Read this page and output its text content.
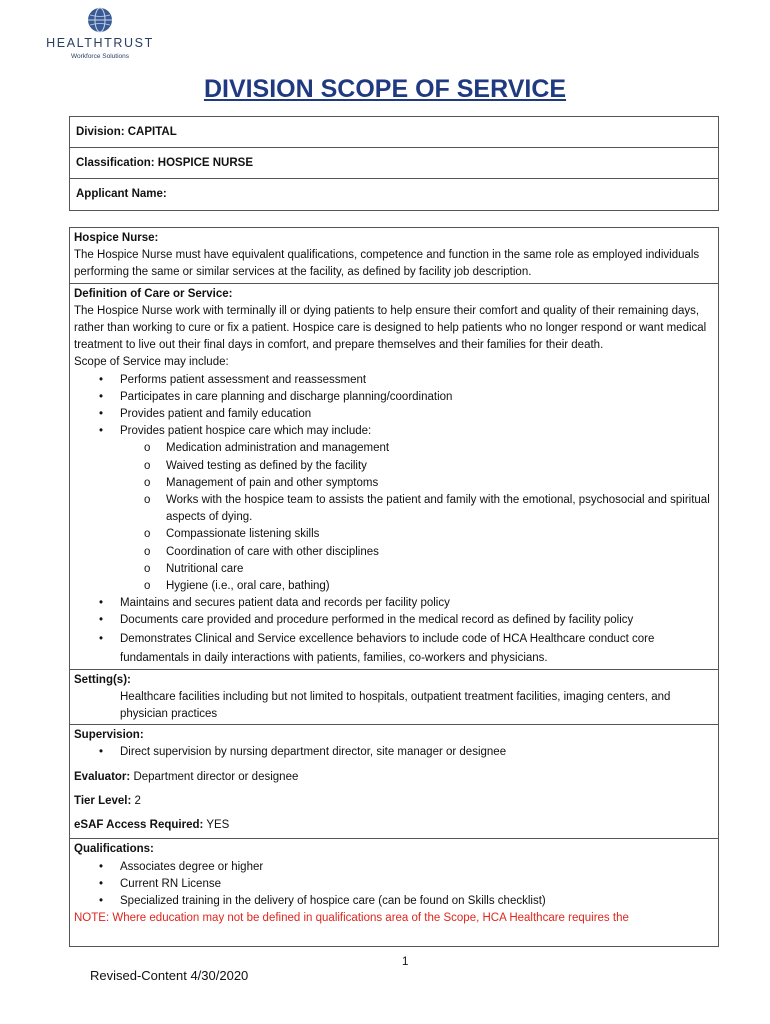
HEALTHTRUST
Workforce Solutions
DIVISION SCOPE OF SERVICE
Division: CAPITAL
Classification: HOSPICE NURSE
Applicant Name:

Hospice Nurse:

The Hospice Nurse must have equivalent qualifications, competence and function in the same role as employed individuals performing the same or similar services at the facility, as defined by facility job description.

Definition of Care or Service:

The Hospice Nurse work with terminally ill or dying patients to help ensure their comfort and quality of their remaining days, rather than working to cure or fix a patient. Hospice care is designed to help patients who no longer respond or want medical treatment to live out their final days in comfort, and prepare themselves and their families for their death.

Scope of Service may include:

• Performs patient assessment and reassessment
• Participates in care planning and discharge planning/coordination
• Provides patient and family education
• Provides patient hospice care which may include:
o Medication administration and management
o Waived testing as defined by the facility
o Management of pain and other symptoms
o Works with the hospice team to assists the patient and family with the emotional, psychosocial and spiritual aspects of dying.
o Compassionate listening skills
o Coordination of care with other disciplines
o Nutritional care
o Hygiene (i.e., oral care, bathing)
• Maintains and secures patient data and records per facility policy
• Documents care provided and procedure performed in the medical record as defined by facility policy
• Demonstrates Clinical and Service excellence behaviors to include code of HCA Healthcare conduct core fundamentals in daily interactions with patients, families, co-workers and physicians.

Setting(s):

Healthcare facilities including but not limited to hospitals, outpatient treatment facilities, imaging centers, and physician practices

Supervision:

• Direct supervision by nursing department director, site manager or designee

Evaluator: Department director or designee

Tier Level: 2

eSAF Access Required: YES

Qualifications:

• Associates degree or higher
• Current RN License
• Specialized training in the delivery of hospice care (can be found on Skills checklist)

NOTE: Where education may not be defined in qualifications area of the Scope, HCA Healthcare requires the

1
Revised-Content 4/30/2020
